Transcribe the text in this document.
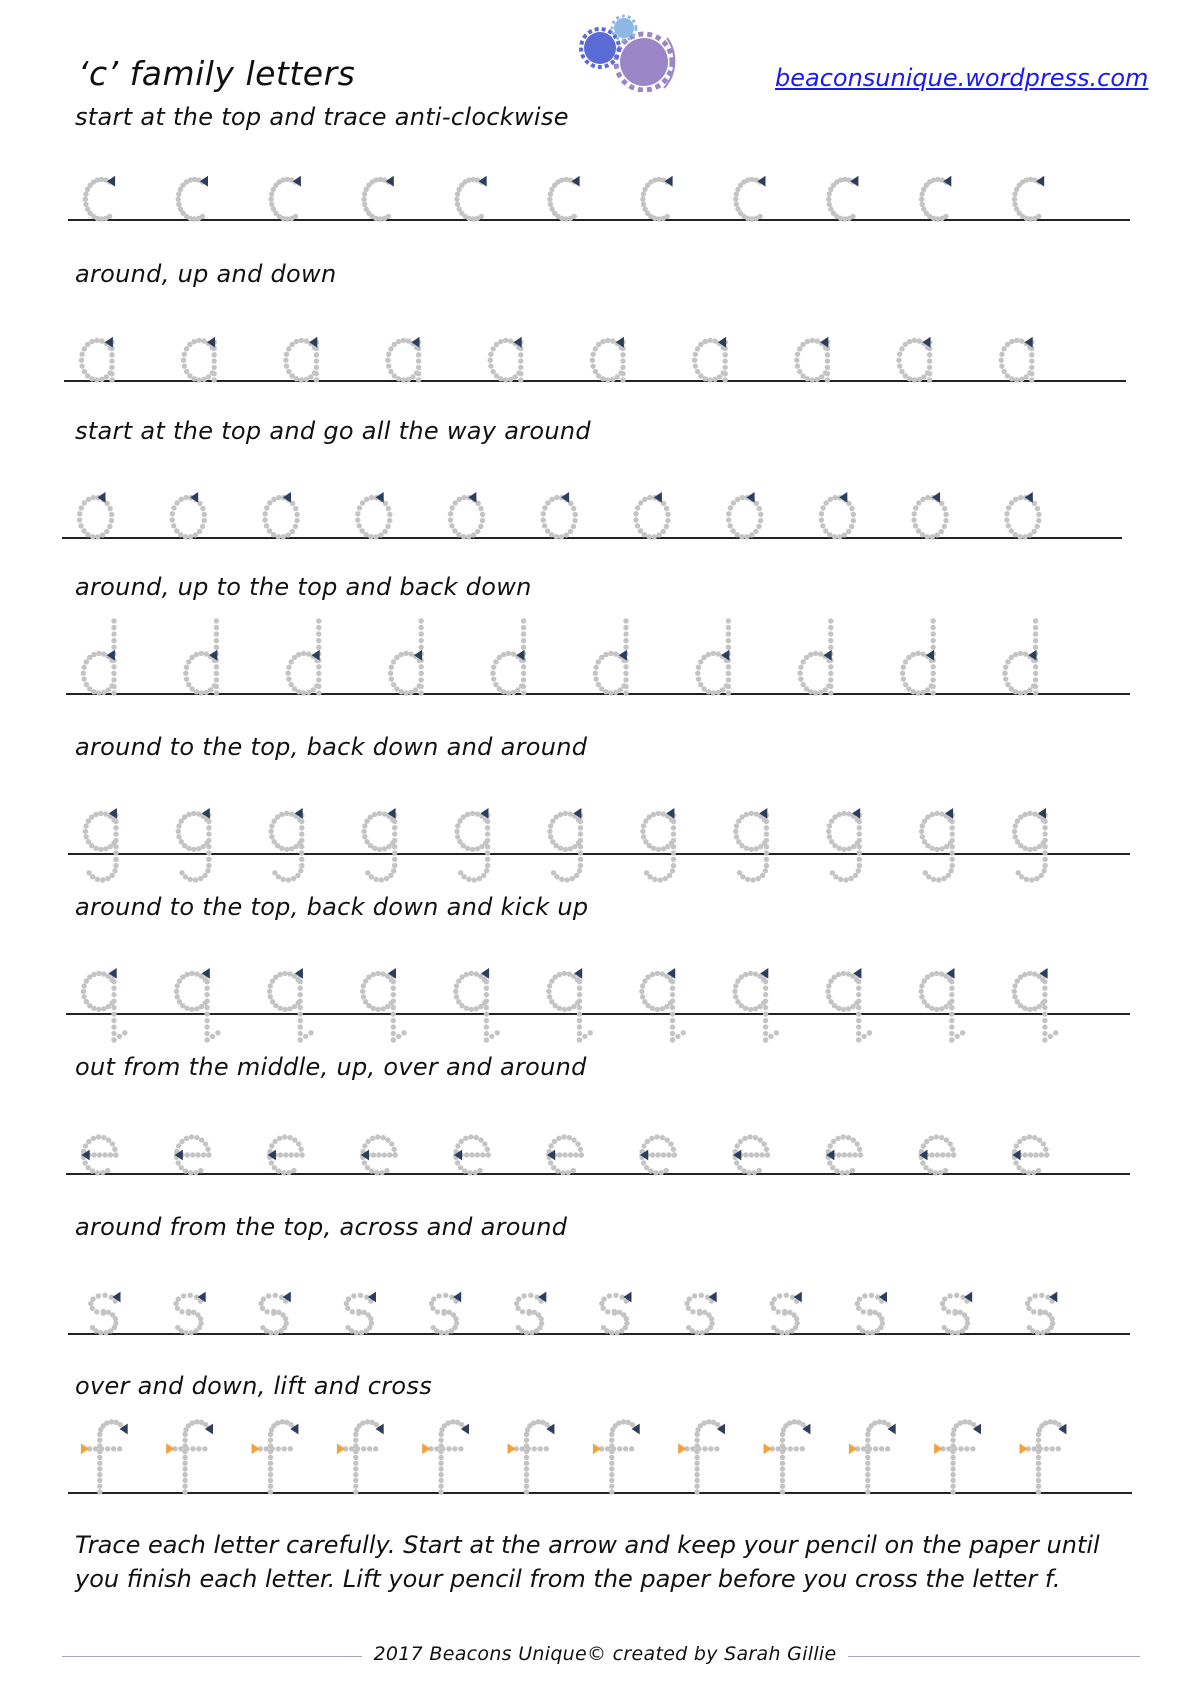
‘c’ family letters	beaconsunique.wordpress.com
start at the top and trace anti-clockwise
around, up and down
start at the top and go all the way around
around, up to the top and back down
around to the top, back down and around
around to the top, back down and kick up
out from the middle, up, over and around
around from the top, across and around
over and down, lift and cross

Trace each letter carefully. Start at the arrow and keep your pencil on the paper until you finish each letter. Lift your pencil from the paper before you cross the letter f.

2017 Beacons Unique© created by Sarah Gillie
